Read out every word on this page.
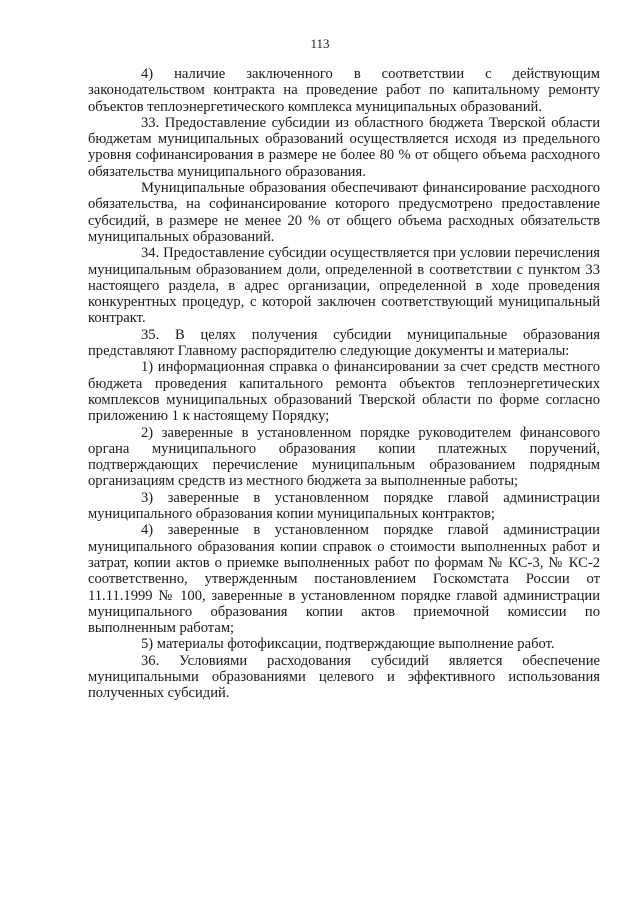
113

4) наличие заключенного в соответствии с действующим законодательством контракта на проведение работ по капитальному ремонту объектов теплоэнергетического комплекса муниципальных образований.

33. Предоставление субсидии из областного бюджета Тверской области бюджетам муниципальных образований осуществляется исходя из предельного уровня софинансирования в размере не более 80 % от общего объема расходного обязательства муниципального образования.

Муниципальные образования обеспечивают финансирование расходного обязательства, на софинансирование которого предусмотрено предоставление субсидий, в размере не менее 20 % от общего объема расходных обязательств муниципальных образований.

34. Предоставление субсидии осуществляется при условии перечисления муниципальным образованием доли, определенной в соответствии с пунктом 33 настоящего раздела, в адрес организации, определенной в ходе проведения конкурентных процедур, с которой заключен соответствующий муниципальный контракт.

35. В целях получения субсидии муниципальные образования представляют Главному распорядителю следующие документы и материалы:

1) информационная справка о финансировании за счет средств местного бюджета проведения капитального ремонта объектов теплоэнергетических комплексов муниципальных образований Тверской области по форме согласно приложению 1 к настоящему Порядку;

2) заверенные в установленном порядке руководителем финансового органа муниципального образования копии платежных поручений, подтверждающих перечисление муниципальным образованием подрядным организациям средств из местного бюджета за выполненные работы;

3) заверенные в установленном порядке главой администрации муниципального образования копии муниципальных контрактов;

4) заверенные в установленном порядке главой администрации муниципального образования копии справок о стоимости выполненных работ и затрат, копии актов о приемке выполненных работ по формам № КС-3, № КС-2 соответственно, утвержденным постановлением Госкомстата России от 11.11.1999 № 100, заверенные в установленном порядке главой администрации муниципального образования копии актов приемочной комиссии по выполненным работам;

5) материалы фотофиксации, подтверждающие выполнение работ.

36. Условиями расходования субсидий является обеспечение муниципальными образованиями целевого и эффективного использования полученных субсидий.
